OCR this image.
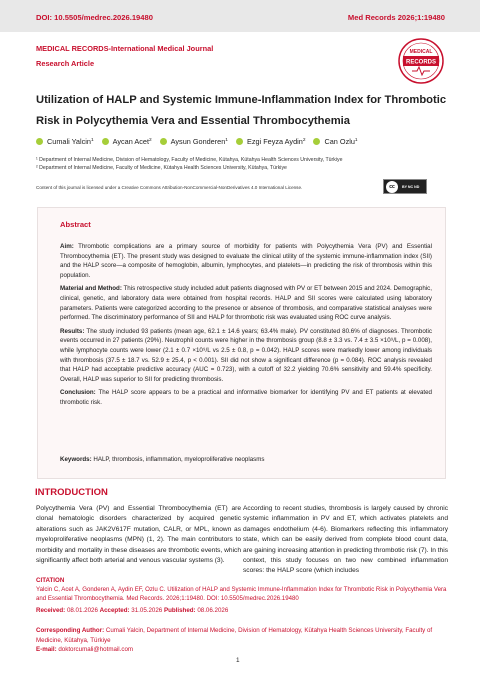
DOI: 10.5505/medrec.2026.19480	Med Records 2026;1:19480
MEDICAL RECORDS-International Medical Journal
Research Article
MEDICAL
RECORDS
Utilization of HALP and Systemic Immune-Inflammation Index for Thrombotic Risk in Polycythemia Vera and Essential Thrombocythemia
Cumali Yalcin 1	Aycan Acet 2	Aysun Gonderen 1	Ezgi Feyza Aydin 2	Can Ozlu 1
¹ Department of Internal Medicine, Division of Hematology, Faculty of Medicine, Kütahya, Kütahya Health Sciences University, Türkiye
² Department of Internal Medicine, Faculty of Medicine, Kütahya Health Sciences University, Kütahya, Türkiye
Content of this journal is licensed under a Creative Commons Attribution-NonCommercial-NonDerivatives 4.0 International License.	cc	BY NC ND
Abstract

Aim: Thrombotic complications are a primary source of morbidity for patients with Polycythemia Vera (PV) and Essential Thrombocythemia (ET). The present study was designed to evaluate the clinical utility of the systemic immune-inflammation index (SII) and the HALP score—a composite of hemoglobin, albumin, lymphocytes, and platelets—in predicting the risk of thrombosis within this population.

Material and Method: This retrospective study included adult patients diagnosed with PV or ET between 2015 and 2024. Demographic, clinical, genetic, and laboratory data were obtained from hospital records. HALP and SII scores were calculated using laboratory parameters. Patients were categorized according to the presence or absence of thrombosis, and comparative statistical analyses were performed. The discriminatory performance of SII and HALP for thrombotic risk was evaluated using ROC curve analysis.

Results: The study included 93 patients (mean age, 62.1 ± 14.6 years; 63.4% male). PV constituted 80.6% of diagnoses. Thrombotic events occurred in 27 patients (29%). Neutrophil counts were higher in the thrombosis group (8.8 ± 3.3 vs. 7.4 ± 3.5 ×10⁹/L, p = 0.008), while lymphocyte counts were lower (2.1 ± 0.7 ×10⁹/L vs 2.5 ± 0.8, p = 0.042). HALP scores were markedly lower among individuals with thrombosis (37.5 ± 18.7 vs. 52.9 ± 25.4, p < 0.001). SII did not show a significant difference (p = 0.084). ROC analysis revealed that HALP had acceptable predictive accuracy (AUC = 0.723), with a cutoff of 32.2 yielding 70.6% sensitivity and 59.4% specificity. Overall, HALP was superior to SII for predicting thrombosis.

Conclusion: The HALP score appears to be a practical and informative biomarker for identifying PV and ET patients at elevated thrombotic risk.

Keywords: HALP, thrombosis, inflammation, myeloproliferative neoplasms
INTRODUCTION
Polycythemia Vera (PV) and Essential Thrombocythemia (ET) are clonal hematologic disorders characterized by acquired genetic alterations such as JAK2V617F mutation, CALR, or MPL, known as myeloproliferative neoplasms (MPN) (1, 2). The main contributors to morbidity and mortality in these diseases are thrombotic events, which significantly affect both arterial and venous vascular systems (3).
According to recent studies, thrombosis is largely caused by chronic systemic inflammation in PV and ET, which activates platelets and damages endothelium (4-6). Biomarkers reflecting this inflammatory state, which can be easily derived from complete blood count data, are gaining increasing attention in predicting thrombotic risk (7). In this context, this study focuses on two new combined inflammation scores: the HALP score (which includes
CITATION
Yalcin C, Acet A, Gonderen A, Aydin EF, Ozlu C. Utilization of HALP and Systemic Immune-Inflammation Index for Thrombotic Risk in Polycythemia Vera and Essential Thrombocythemia. Med Records. 2026;1:19480. DOI: 10.5505/medrec.2026.19480
Received: 08.01.2026 Accepted: 31.05.2026 Published: 08.06.2026
Corresponding Author: Cumali Yalcin, Department of Internal Medicine, Division of Hematology, Kütahya Health Sciences University, Faculty of Medicine, Kütahya, Türkiye
E-mail: doktorcumali@hotmail.com
1
